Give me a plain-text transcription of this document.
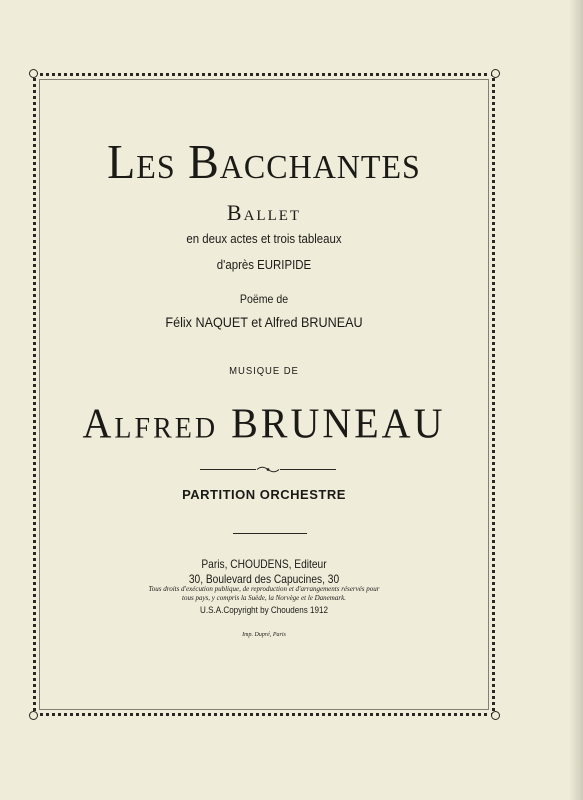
Les Bacchantes
Ballet
en deux actes et trois tableaux
d'après EURIPIDE
Poëme de
Félix NAQUET et Alfred BRUNEAU
MUSIQUE DE
Alfred BRUNEAU
PARTITION ORCHESTRE
Paris, CHOUDENS, Editeur
30, Boulevard des Capucines, 30
Tous droits d'exécution publique, de reproduction et d'arrangements réservés pour
tous pays, y compris la Suède, la Norvège et le Danemark.
U.S.A.Copyright by Choudens 1912
Imp. Dupré, Paris
